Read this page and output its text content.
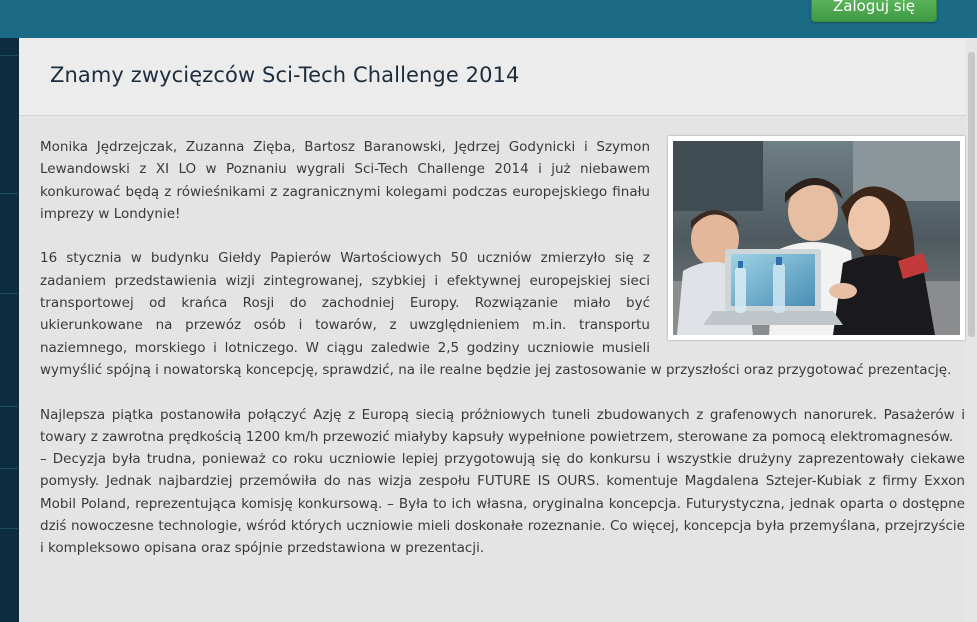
Zaloguj się
Znamy zwycięzców Sci-Tech Challenge 2014

Monika Jędrzejczak, Zuzanna Zięba, Bartosz Baranowski, Jędrzej Godynicki i Szymon Lewandowski z XI LO w Poznaniu wygrali Sci-Tech Challenge 2014 i już niebawem konkurować będą z rówieśnikami z zagranicznymi kolegami podczas europejskiego finału imprezy w Londynie!

16 stycznia w budynku Giełdy Papierów Wartościowych 50 uczniów zmierzyło się z zadaniem przedstawienia wizji zintegrowanej, szybkiej i efektywnej europejskiej sieci transportowej od krańca Rosji do zachodniej Europy. Rozwiązanie miało być ukierunkowane na przewóz osób i towarów, z uwzględnieniem m.in. transportu naziemnego, morskiego i lotniczego. W ciągu zaledwie 2,5 godziny uczniowie musieli wymyślić spójną i nowatorską koncepcję, sprawdzić, na ile realne będzie jej zastosowanie w przyszłości oraz przygotować prezentację.

Najlepsza piątka postanowiła połączyć Azję z Europą siecią próżniowych tuneli zbudowanych z grafenowych nanorurek. Pasażerów i towary z zawrotna prędkością 1200 km/h przewozić miałyby kapsuły wypełnione powietrzem, sterowane za pomocą elektromagnesów.

– Decyzja była trudna, ponieważ co roku uczniowie lepiej przygotowują się do konkursu i wszystkie drużyny zaprezentowały ciekawe pomysły. Jednak najbardziej przemówiła do nas wizja zespołu FUTURE IS OURS. komentuje Magdalena Sztejer-Kubiak z firmy Exxon Mobil Poland, reprezentująca komisję konkursową. – Była to ich własna, oryginalna koncepcja. Futurystyczna, jednak oparta o dostępne dziś nowoczesne technologie, wśród których uczniowie mieli doskonałe rozeznanie. Co więcej, koncepcja była przemyślana, przejrzyście i kompleksowo opisana oraz spójnie przedstawiona w prezentacji.
